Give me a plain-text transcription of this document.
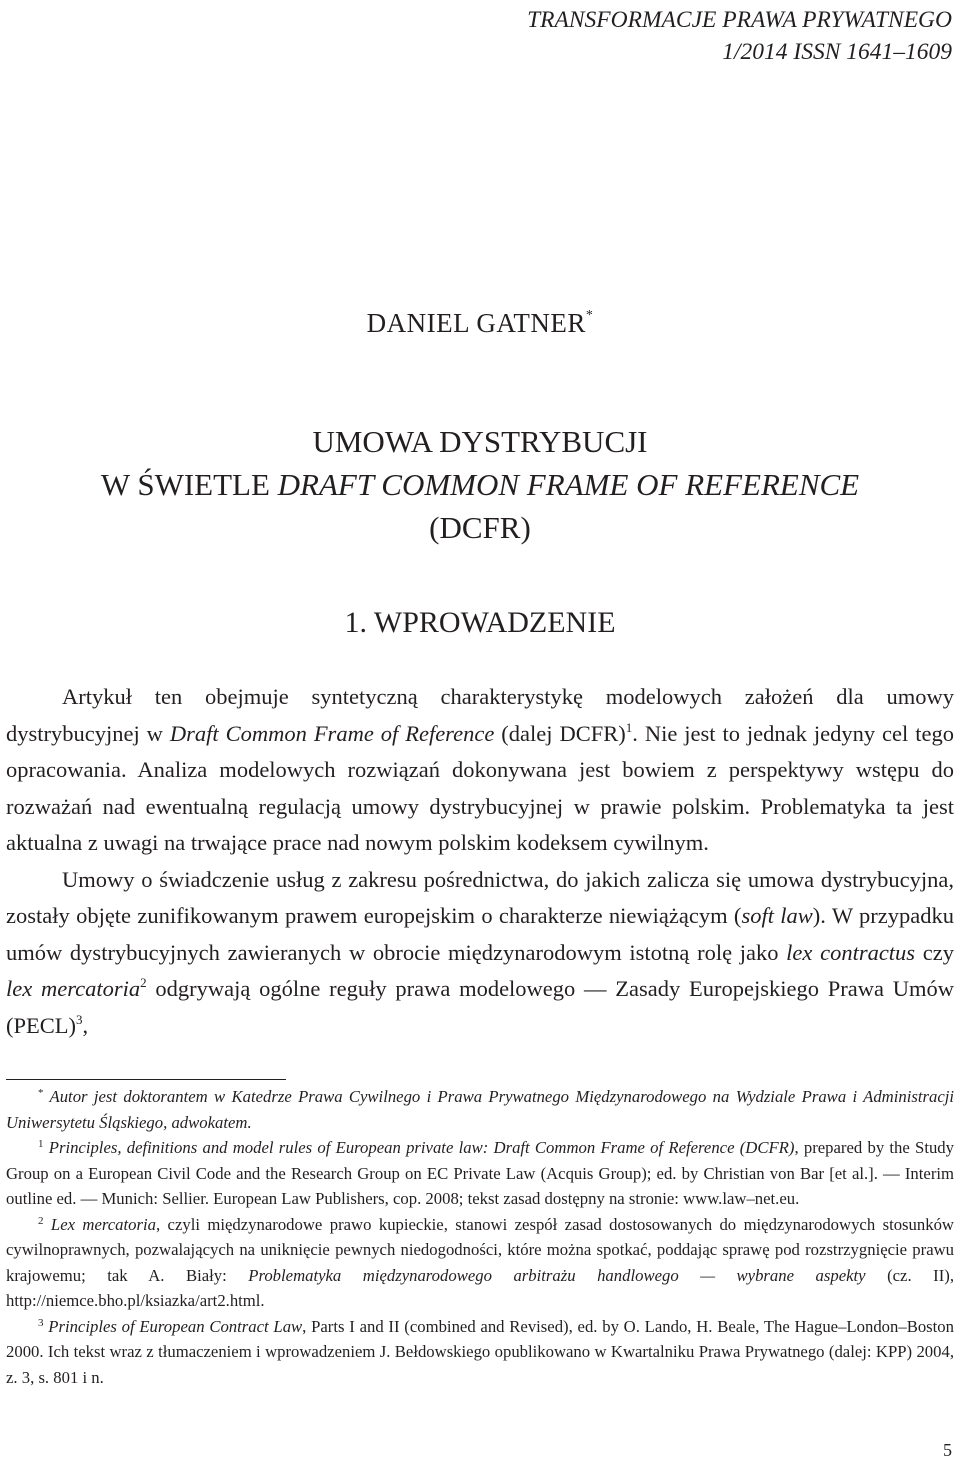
TRANSFORMACJE PRAWA PRYWATNEGO
1/2014 ISSN 1641–1609
DANIEL GATNER*
UMOWA DYSTRYBUCJI
W ŚWIETLE DRAFT COMMON FRAME OF REFERENCE
(DCFR)
1. WPROWADZENIE

Artykuł ten obejmuje syntetyczną charakterystykę modelowych założeń dla umowy dystrybucyjnej w Draft Common Frame of Reference (dalej DCFR)$^1$. Nie jest to jednak jedyny cel tego opracowania. Analiza modelowych rozwiązań dokonywana jest bowiem z perspektywy wstępu do rozważań nad ewentualną regulacją umowy dystrybucyjnej w prawie polskim. Problematyka ta jest aktualna z uwagi na trwające prace nad nowym polskim kodeksem cywilnym.

Umowy o świadczenie usług z zakresu pośrednictwa, do jakich zalicza się umowa dystrybucyjna, zostały objęte zunifikowanym prawem europejskim o charakterze niewiążącym (soft law). W przypadku umów dystrybucyjnych zawieranych w obrocie międzynarodowym istotną rolę jako lex contractus czy lex mercatoria$^2$ odgrywają ogólne reguły prawa modelowego — Zasady Europejskiego Prawa Umów (PECL)$^3$,

* Autor jest doktorantem w Katedrze Prawa Cywilnego i Prawa Prywatnego Międzynarodowego na Wydziale Prawa i Administracji Uniwersytetu Śląskiego, adwokatem.

$^1$ Principles, definitions and model rules of European private law: Draft Common Frame of Reference (DCFR), prepared by the Study Group on a European Civil Code and the Research Group on EC Private Law (Acquis Group); ed. by Christian von Bar [et al.]. — Interim outline ed. — Munich: Sellier. European Law Publishers, cop. 2008; tekst zasad dostępny na stronie: www.law–net.eu.

$^2$ Lex mercatoria, czyli międzynarodowe prawo kupieckie, stanowi zespół zasad dostosowanych do międzynarodowych stosunków cywilnoprawnych, pozwalających na uniknięcie pewnych niedogodności, które można spotkać, poddając sprawę pod rozstrzygnięcie prawu krajowemu; tak A. Biały: Problematyka międzynarodowego arbitrażu handlowego — wybrane aspekty (cz. II), http://niemce.bho.pl/ksiazka/art2.html.

$^3$ Principles of European Contract Law, Parts I and II (combined and Revised), ed. by O. Lando, H. Beale, The Hague–London–Boston 2000. Ich tekst wraz z tłumaczeniem i wprowadzeniem J. Bełdowskiego opublikowano w Kwartalniku Prawa Prywatnego (dalej: KPP) 2004, z. 3, s. 801 i n.

5
